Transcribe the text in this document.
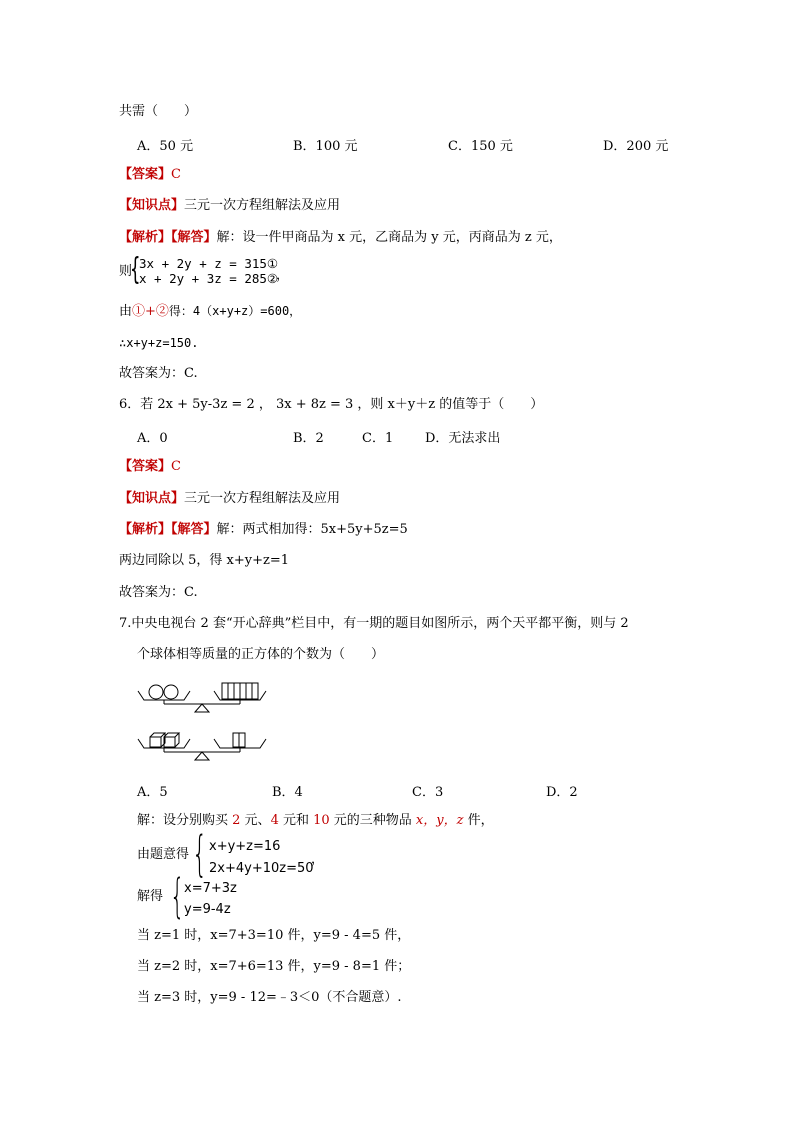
共需（　　）
A．50 元	B．100 元	C．150 元	D．200 元
【答案】C
【知识点】三元一次方程组解法及应用
【解析】【解答】解：设一件甲商品为 x 元，乙商品为 y 元，丙商品为 z 元，
则
{
3x + 2y + z = 315①
x + 2y + 3z = 285②
，
由①+②得：4（x+y+z）=600，
∴x+y+z=150.
故答案为：C.
6．若 2x + 5y-3z = 2 ， 3x + 8z = 3 ，则 x＋y＋z 的值等于（　　）
A．0	B．2	C．1 D．无法求出
【答案】C
【知识点】三元一次方程组解法及应用
【解析】【解答】解：两式相加得：5x+5y+5z=5
两边同除以 5，得 x+y+z=1
故答案为：C.
7.中央电视台 2 套“开心辞典”栏目中，有一期的题目如图所示，两个天平都平衡，则与 2
个球体相等质量的正方体的个数为（　　）
A．5	B．4	C．3	D．2
解：设分别购买 2 元、4 元和 10 元的三种物品 x，y，z 件，
由题意得 { x+y+z=16
2x+4y+10z=50
，
解得 { x=7+3z
y=9-4z
当 z=1 时，x=7+3=10 件，y=9 - 4=5 件，
当 z=2 时，x=7+6=13 件，y=9 - 8=1 件；
当 z=3 时，y=9 - 12=﹣3＜0（不合题意）.
